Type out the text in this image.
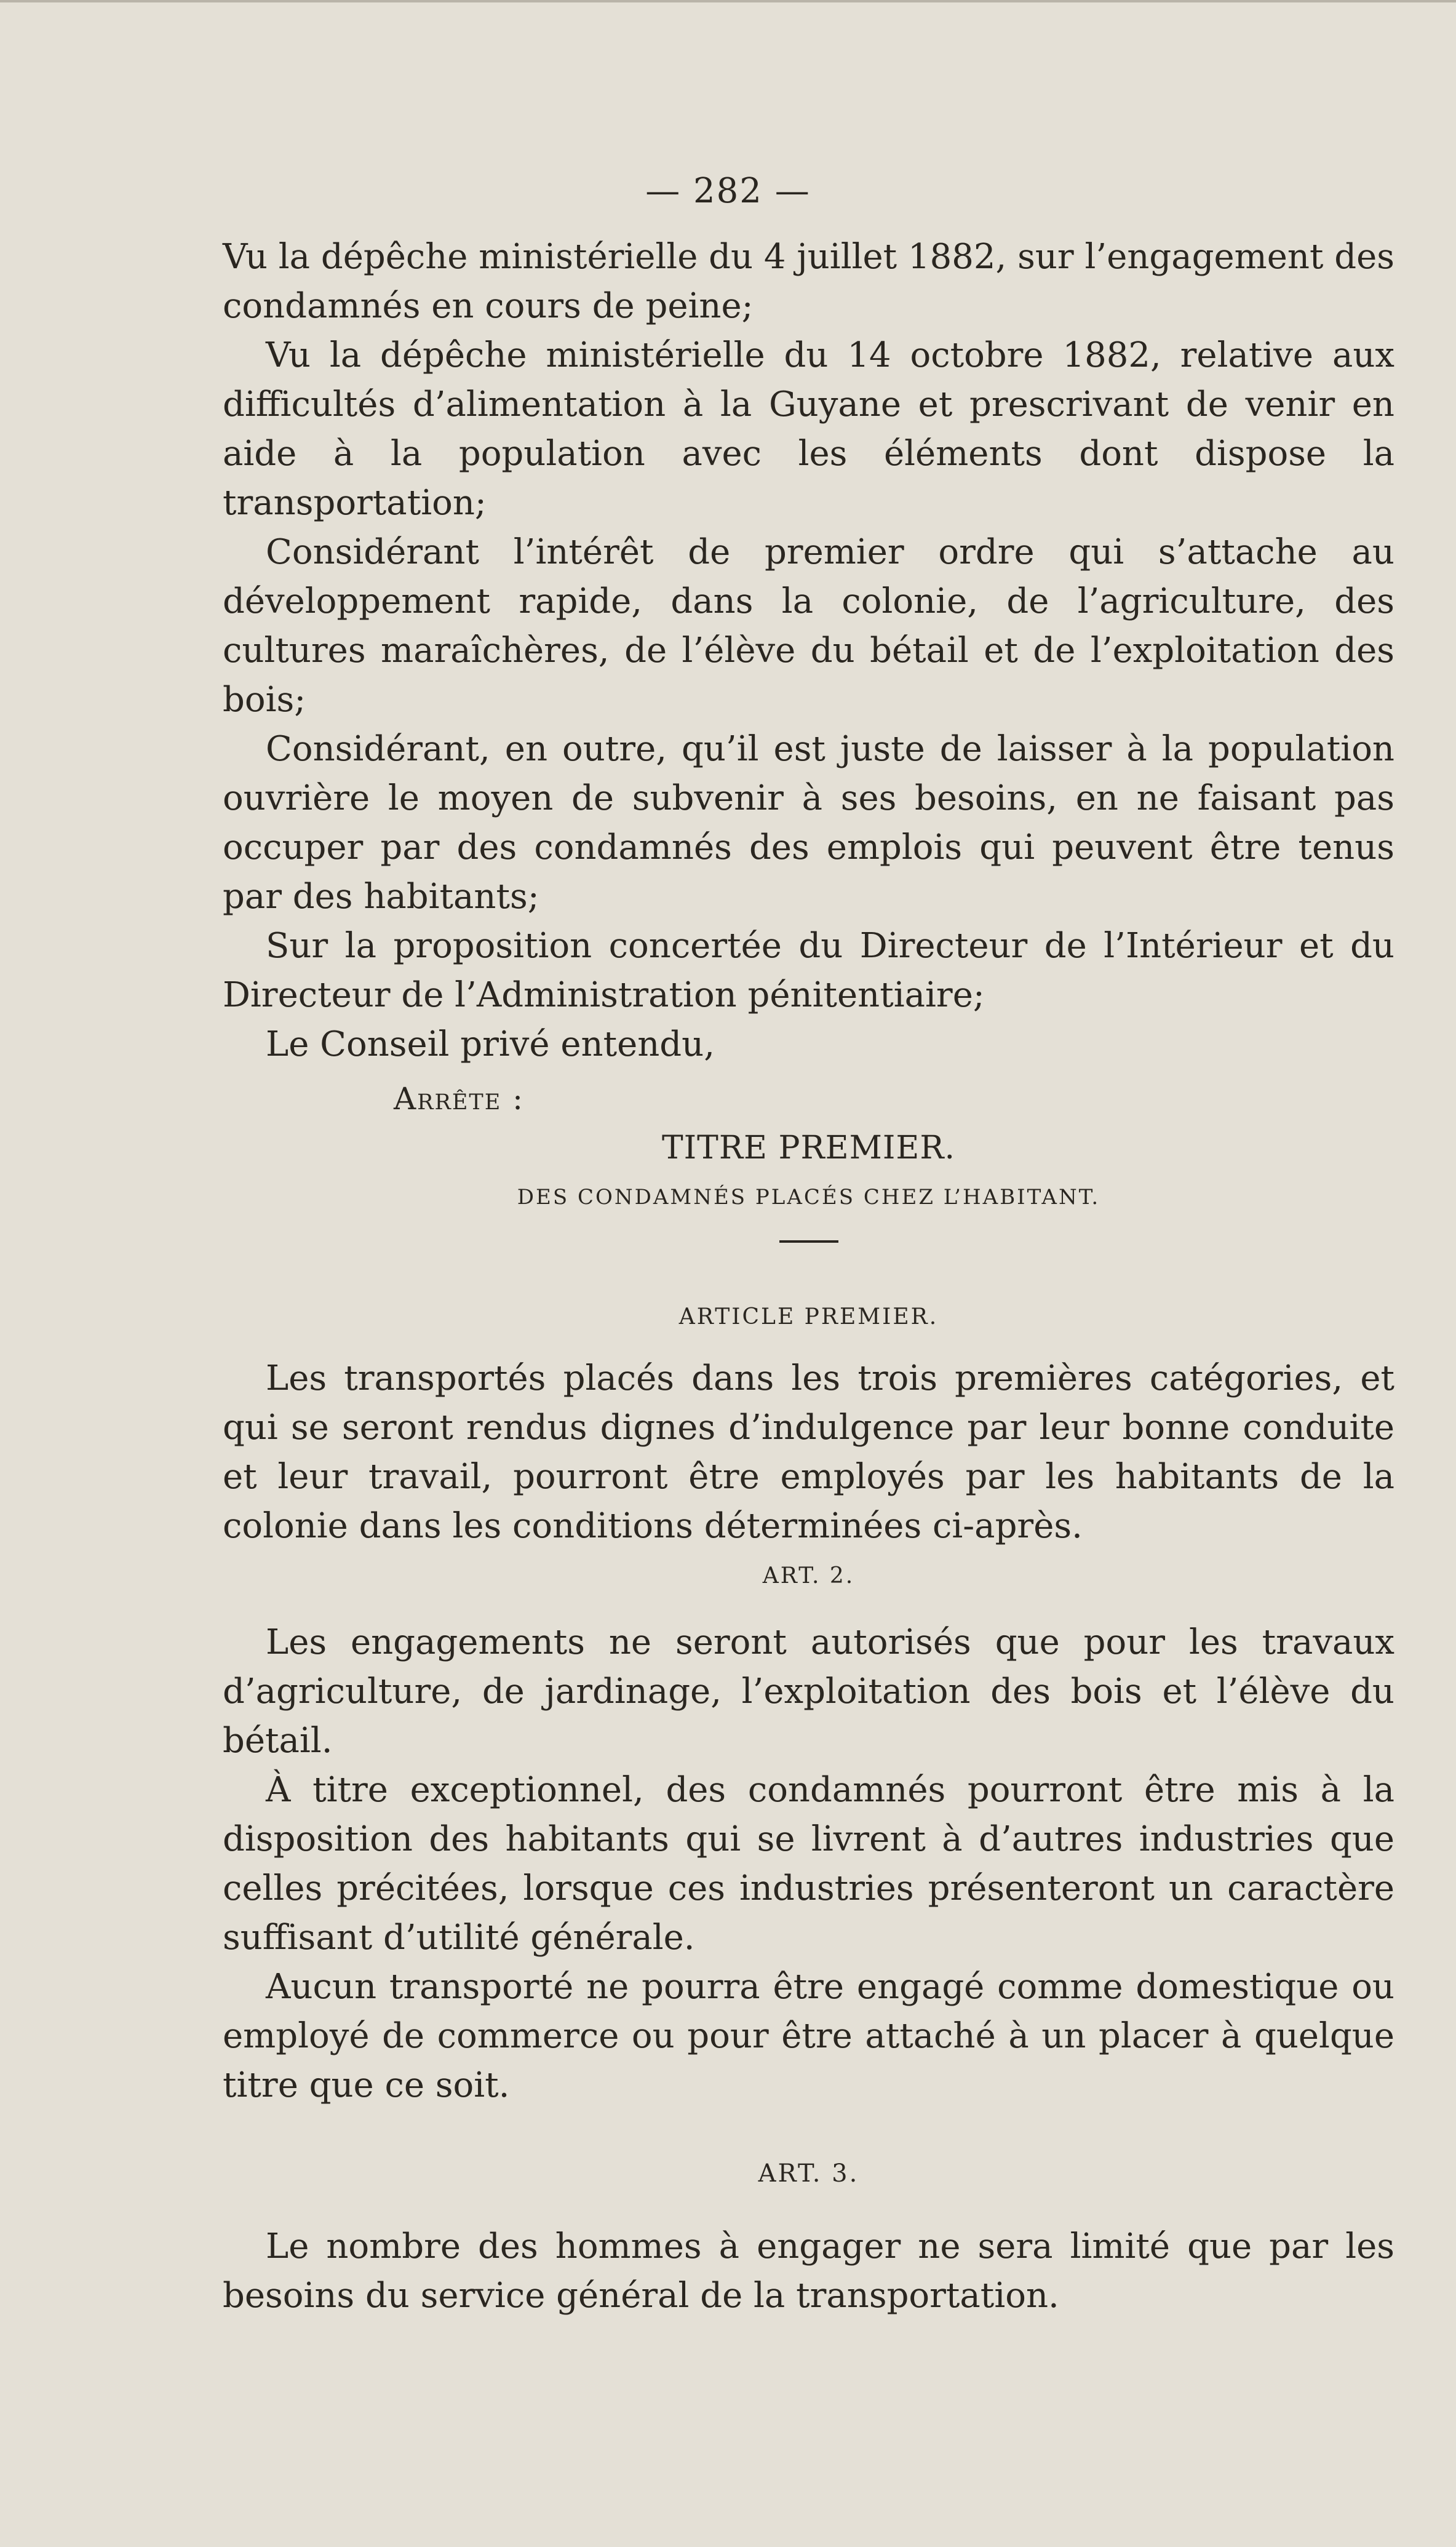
— 282 —

Vu la dépêche ministérielle du 4 juillet 1882, sur l’engagement des condamnés en cours de peine;

Vu la dépêche ministérielle du 14 octobre 1882, relative aux difficultés d’alimentation à la Guyane et prescrivant de venir en aide à la population avec les éléments dont dispose la transportation;

Considérant l’intérêt de premier ordre qui s’attache au développement rapide, dans la colonie, de l’agriculture, des cultures maraîchères, de l’élève du bétail et de l’exploitation des bois;

Considérant, en outre, qu’il est juste de laisser à la population ouvrière le moyen de subvenir à ses besoins, en ne faisant pas occuper par des condamnés des emplois qui peuvent être tenus par des habitants;

Sur la proposition concertée du Directeur de l’Intérieur et du Directeur de l’Administration pénitentiaire;

Le Conseil privé entendu,

Arrête :
TITRE PREMIER.
DES CONDAMNÉS PLACÉS CHEZ L’HABITANT.
ARTICLE PREMIER.

Les transportés placés dans les trois premières catégories, et qui se seront rendus dignes d’indulgence par leur bonne conduite et leur travail, pourront être employés par les habitants de la colonie dans les conditions déterminées ci-après.

ART. 2.

Les engagements ne seront autorisés que pour les travaux d’agriculture, de jardinage, l’exploitation des bois et l’élève du bétail.

À titre exceptionnel, des condamnés pourront être mis à la disposition des habitants qui se livrent à d’autres industries que celles précitées, lorsque ces industries présenteront un caractère suffisant d’utilité générale.

Aucun transporté ne pourra être engagé comme domestique ou employé de commerce ou pour être attaché à un placer à quelque titre que ce soit.

ART. 3.

Le nombre des hommes à engager ne sera limité que par les besoins du service général de la transportation.
